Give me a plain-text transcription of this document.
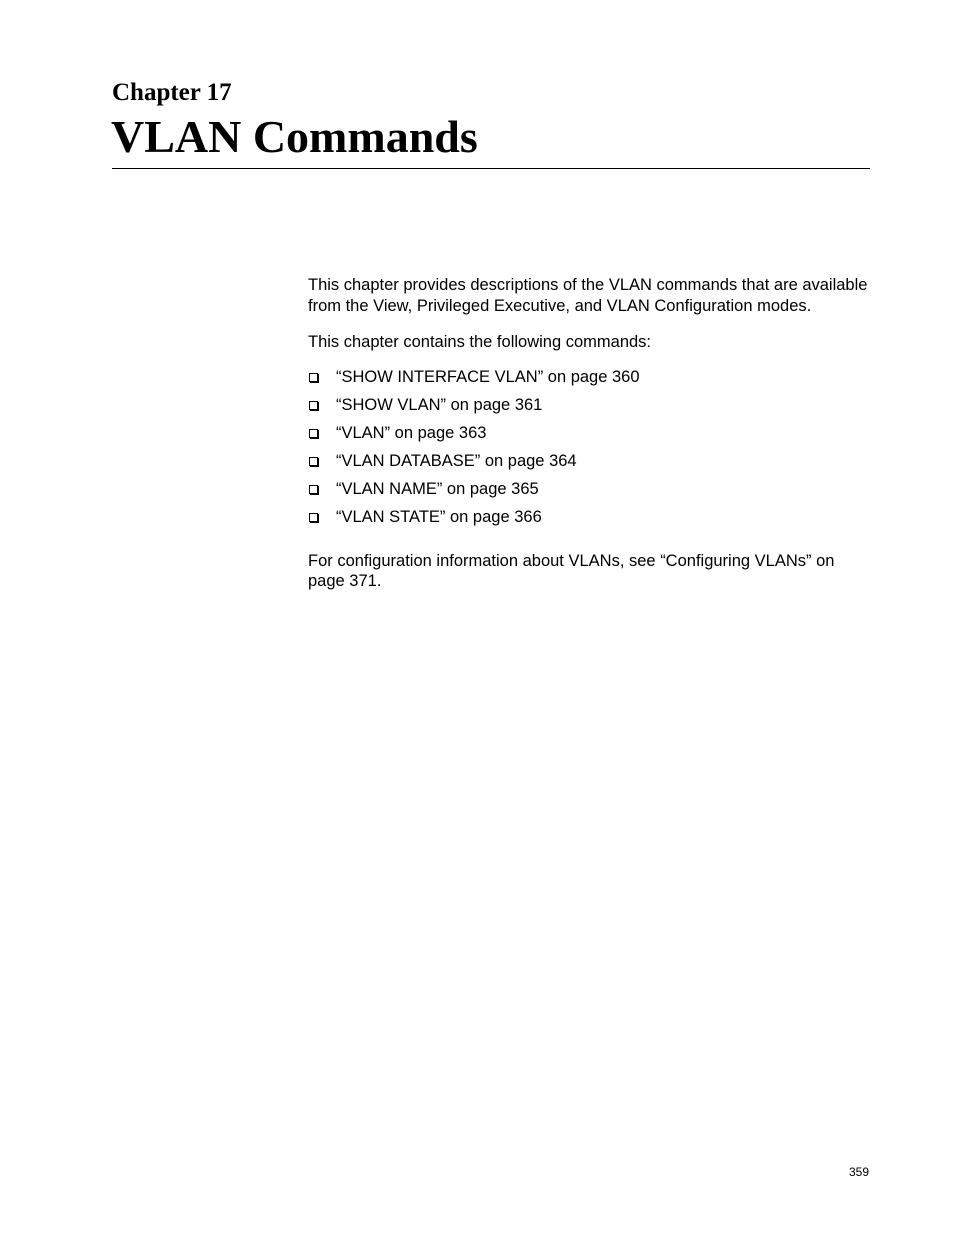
Chapter 17
VLAN Commands

This chapter provides descriptions of the VLAN commands that are available from the View, Privileged Executive, and VLAN Configuration modes.

This chapter contains the following commands:

“SHOW INTERFACE VLAN” on page 360
“SHOW VLAN” on page 361
“VLAN” on page 363
“VLAN DATABASE” on page 364
“VLAN NAME” on page 365
“VLAN STATE” on page 366

For configuration information about VLANs, see “Configuring VLANs” on page 371.

359
